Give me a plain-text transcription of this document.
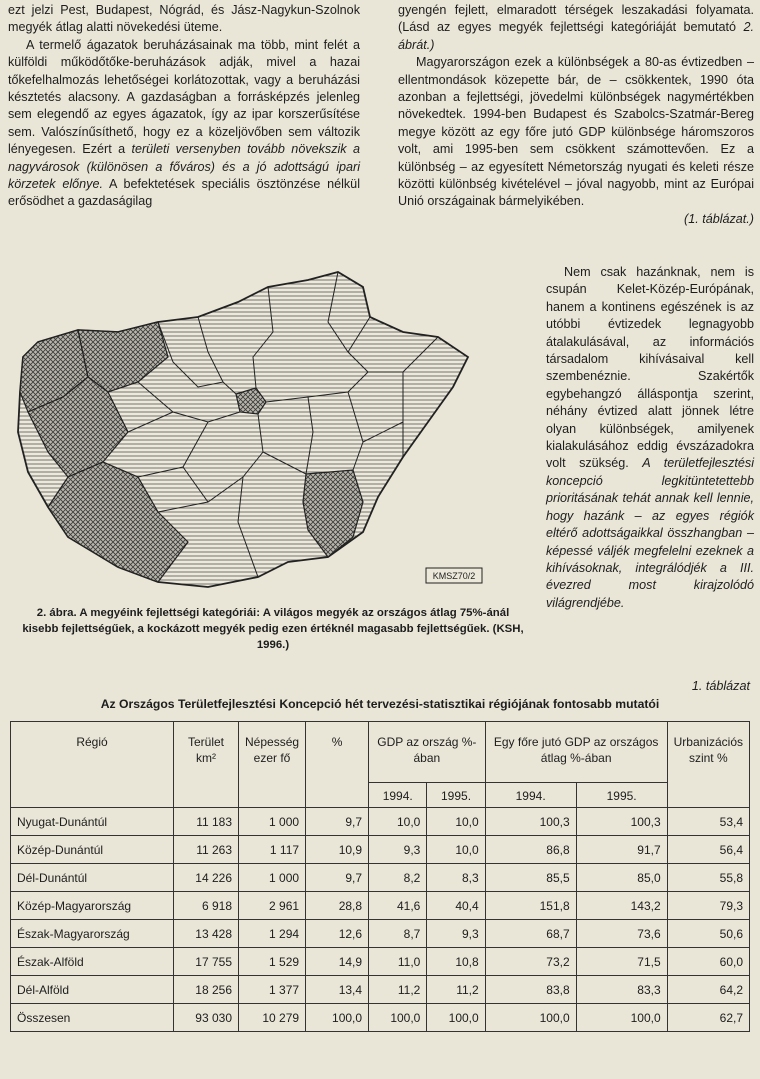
ezt jelzi Pest, Budapest, Nógrád, és Jász-Nagykun-Szolnok megyék átlag alatti növekedési üteme.

A termelő ágazatok beruházásainak ma több, mint felét a külföldi működőtőke-beruházások adják, mivel a hazai tőkefelhalmozás lehetőségei korlátozottak, vagy a beruházási késztetés alacsony. A gazdaságban a forrásképzés jelenleg sem elegendő az egyes ágazatok, így az ipar korszerűsítése sem. Valószínűsíthető, hogy ez a közeljövőben sem változik lényegesen. Ezért a területi versenyben tovább növekszik a nagyvárosok (különösen a főváros) és a jó adottságú ipari körzetek előnye. A befektetések speciális ösztönzése nélkül erősödhet a gazdaságilag

gyengén fejlett, elmaradott térségek leszakadási folyamata. (Lásd az egyes megyék fejlettségi kategóriáját bemutató 2. ábrát.)

Magyarországon ezek a különbségek a 80-as évtizedben – ellentmondások közepette bár, de – csökkentek, 1990 óta azonban a fejlettségi, jövedelmi különbségek nagymértékben növekedtek. 1994-ben Budapest és Szabolcs-Szatmár-Bereg megye között az egy főre jutó GDP különbsége háromszoros volt, ami 1995-ben sem csökkent számottevően. Ez a különbség – az egyesített Németország nyugati és keleti része közötti különbség kivételével – jóval nagyobb, mint az Európai Unió országainak bármelyikében.

(1. táblázat.)

Nem csak hazánknak, nem is csupán Kelet-Közép-Európának, hanem a kontinens egészének is az utóbbi évtizedek legnagyobb átalakulásával, az információs társadalom kihívásaival kell szembenéznie. Szakértők egybehangzó álláspontja szerint, néhány évtized alatt jönnek létre olyan különbségek, amilyenek kialakulásához eddig évszázadokra volt szükség. A területfejlesztési koncepció legkitüntetettebb prioritásának tehát annak kell lennie, hogy hazánk – az egyes régiók eltérő adottságaikkal összhangban – képessé váljék megfelelni ezeknek a kihívásoknak, integrálódjék a III. évezred most kirajzolódó világrendjébe.

KMSZ70/2
2. ábra. A megyéink fejlettségi kategóriái: A világos megyék az országos átlag 75%-ánál kisebb fejlettségűek, a kockázott megyék pedig ezen értéknél magasabb fejlettségűek. (KSH, 1996.)
1. táblázat
Az Országos Területfejlesztési Koncepció hét tervezési-statisztikai régiójának fontosabb mutatói
Régió	Terület km²	Népesség ezer fő	%	GDP az ország %-ában		Egy főre jutó GDP az országos átlag %-ában		Urbanizációs szint %
				1994.	1995.	1994.	1995.	
Nyugat-Dunántúl	11 183	1 000	9,7	10,0	10,0	100,3	100,3	53,4
Közép-Dunántúl	11 263	1 117	10,9	9,3	10,0	86,8	91,7	56,4
Dél-Dunántúl	14 226	1 000	9,7	8,2	8,3	85,5	85,0	55,8
Közép-Magyarország	6 918	2 961	28,8	41,6	40,4	151,8	143,2	79,3
Észak-Magyarország	13 428	1 294	12,6	8,7	9,3	68,7	73,6	50,6
Észak-Alföld	17 755	1 529	14,9	11,0	10,8	73,2	71,5	60,0
Dél-Alföld	18 256	1 377	13,4	11,2	11,2	83,8	83,3	64,2
Összesen	93 030	10 279	100,0	100,0	100,0	100,0	100,0	62,7
